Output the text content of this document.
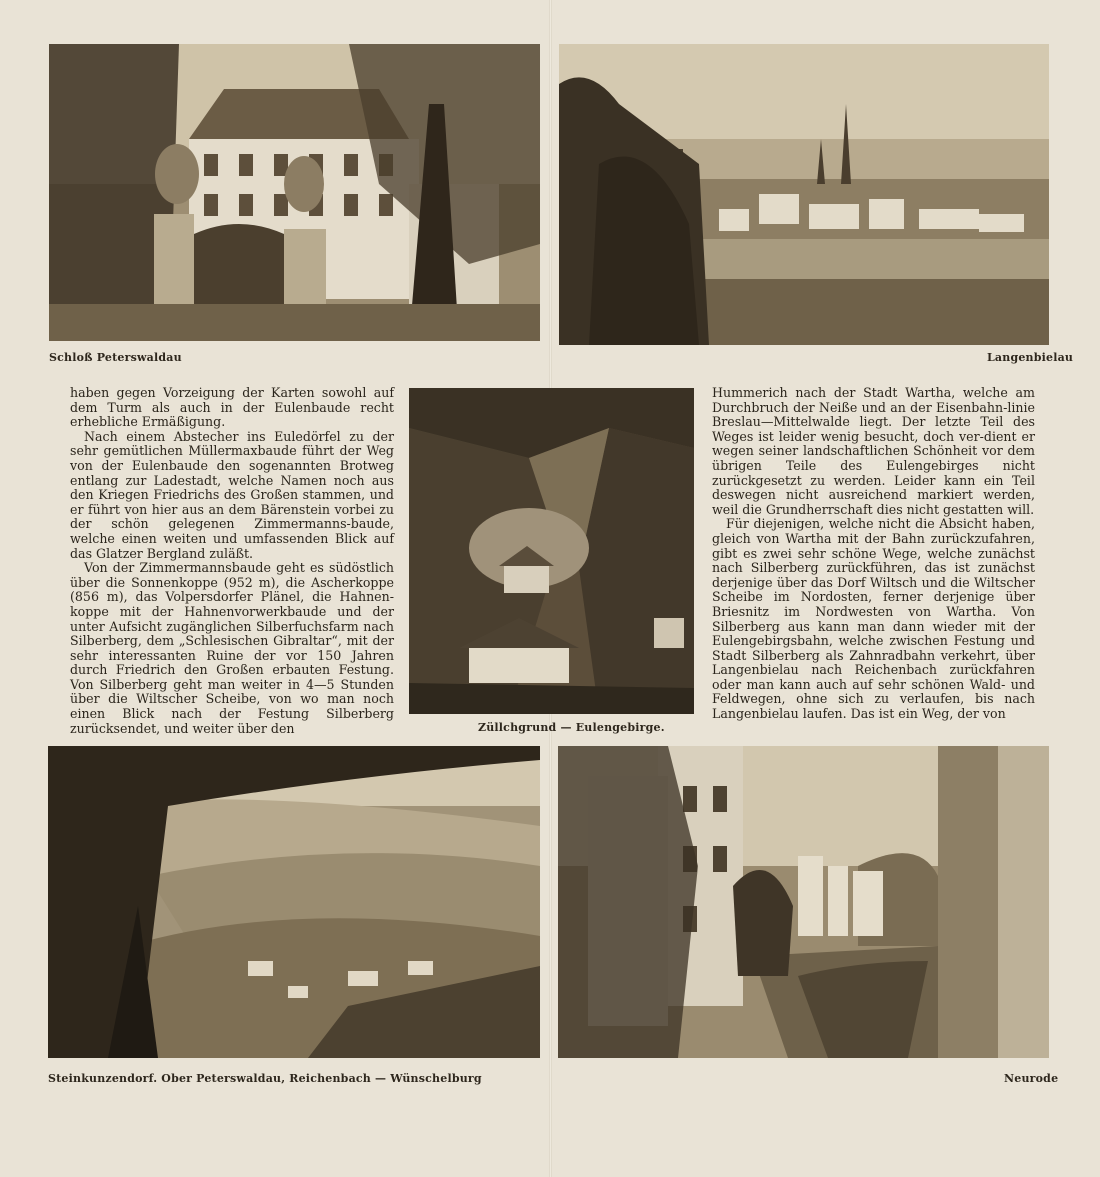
Schloß Peterswaldau	Langenbielau

haben gegen Vorzeigung der Karten sowohl auf dem Turm als auch in der Eulenbaude recht erhebliche Ermäßigung.

Nach einem Abstecher ins Euledörfel zu der sehr gemütlichen Müllermaxbaude führt der Weg von der Eulenbaude den sogenannten Brotweg entlang zur Ladestadt, welche Namen noch aus den Kriegen Friedrichs des Großen stammen, und er führt von hier aus an dem Bärenstein vorbei zu der schön gelegenen Zimmermanns-baude, welche einen weiten und umfassenden Blick auf das Glatzer Bergland zuläßt.

Von der Zimmermannsbaude geht es südöstlich über die Sonnenkoppe (952 m), die Ascherkoppe (856 m), das Volpersdorfer Plänel, die Hahnen-koppe mit der Hahnenvorwerkbaude und der unter Aufsicht zugänglichen Silberfuchsfarm nach Silberberg, dem „Schlesischen Gibraltar“, mit der sehr interessanten Ruine der vor 150 Jahren durch Friedrich den Großen erbauten Festung. Von Silberberg geht man weiter in 4—5 Stunden über die Wiltscher Scheibe, von wo man noch einen Blick nach der Festung Silberberg zurücksendet, und weiter über den	Züllchgrund — Eulengebirge.

Hummerich nach der Stadt Wartha, welche am Durchbruch der Neiße und an der Eisenbahn-linie Breslau—Mittelwalde liegt. Der letzte Teil des Weges ist leider wenig besucht, doch ver-dient er wegen seiner landschaftlichen Schönheit vor dem übrigen Teile des Eulengebirges nicht zurückgesetzt zu werden. Leider kann ein Teil deswegen nicht ausreichend markiert werden, weil die Grundherrschaft dies nicht gestatten will.

Für diejenigen, welche nicht die Absicht haben, gleich von Wartha mit der Bahn zurückzufahren, gibt es zwei sehr schöne Wege, welche zunächst nach Silberberg zurückführen, das ist zunächst derjenige über das Dorf Wiltsch und die Wiltscher Scheibe im Nordosten, ferner derjenige über Briesnitz im Nordwesten von Wartha. Von Silberberg aus kann man dann wieder mit der Eulengebirgsbahn, welche zwischen Festung und Stadt Silberberg als Zahnradbahn verkehrt, über Langenbielau nach Reichenbach zurückfahren oder man kann auch auf sehr schönen Wald- und Feldwegen, ohne sich zu verlaufen, bis nach Langenbielau laufen. Das ist ein Weg, der von

Steinkunzendorf. Ober Peterswaldau, Reichenbach — Wünschelburg	Neurode
